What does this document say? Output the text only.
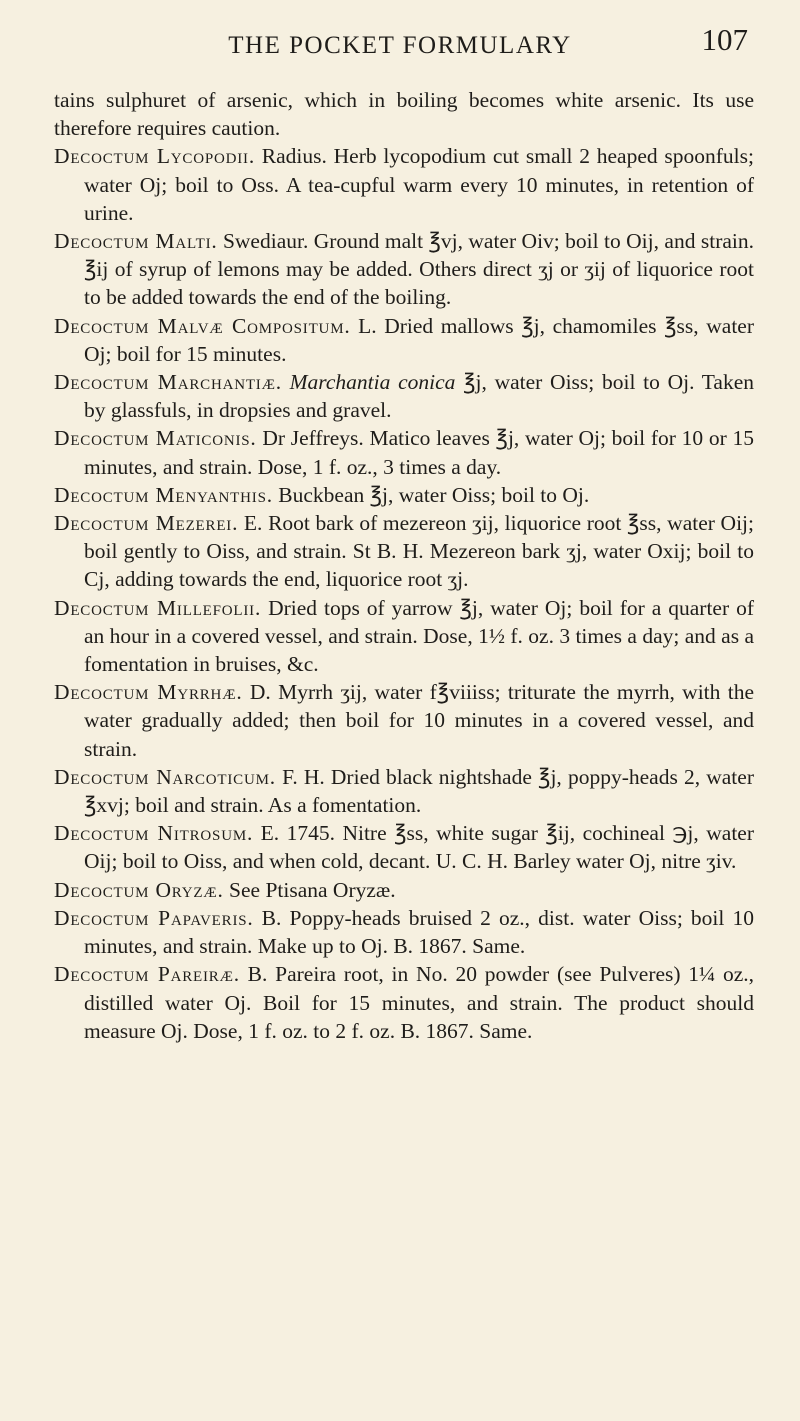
THE POCKET FORMULARY	107

tains sulphuret of arsenic, which in boiling becomes white arsenic. Its use therefore requires caution.

Decoctum Lycopodii. Radius. Herb lycopodium cut small 2 heaped spoonfuls; water Oj; boil to Oss. A tea-cupful warm every 10 minutes, in retention of urine.

Decoctum Malti. Swediaur. Ground malt ℥vj, water Oiv; boil to Oij, and strain. ℥ij of syrup of lemons may be added. Others direct ʒj or ʒij of liquorice root to be added towards the end of the boiling.

Decoctum Malvæ Compositum. L. Dried mallows ℥j, chamomiles ℥ss, water Oj; boil for 15 minutes.

Decoctum Marchantiæ. Marchantia conica ℥j, water Oiss; boil to Oj. Taken by glassfuls, in dropsies and gravel.

Decoctum Maticonis. Dr Jeffreys. Matico leaves ℥j, water Oj; boil for 10 or 15 minutes, and strain. Dose, 1 f. oz., 3 times a day.

Decoctum Menyanthis. Buckbean ℥j, water Oiss; boil to Oj.

Decoctum Mezerei. E. Root bark of mezereon ʒij, liquorice root ℥ss, water Oij; boil gently to Oiss, and strain. St B. H. Mezereon bark ʒj, water Oxij; boil to Cj, adding towards the end, liquorice root ʒj.

Decoctum Millefolii. Dried tops of yarrow ℥j, water Oj; boil for a quarter of an hour in a covered vessel, and strain. Dose, 1½ f. oz. 3 times a day; and as a fomentation in bruises, &c.

Decoctum Myrrhæ. D. Myrrh ʒij, water f℥viiiss; triturate the myrrh, with the water gradually added; then boil for 10 minutes in a covered vessel, and strain.

Decoctum Narcoticum. F. H. Dried black nightshade ℥j, poppy-heads 2, water ℥xvj; boil and strain. As a fomentation.

Decoctum Nitrosum. E. 1745. Nitre ℥ss, white sugar ℥ij, cochineal ℈j, water Oij; boil to Oiss, and when cold, decant. U. C. H. Barley water Oj, nitre ʒiv.

Decoctum Oryzæ. See Ptisana Oryzæ.

Decoctum Papaveris. B. Poppy-heads bruised 2 oz., dist. water Oiss; boil 10 minutes, and strain. Make up to Oj. B. 1867. Same.

Decoctum Pareiræ. B. Pareira root, in No. 20 powder (see Pulveres) 1¼ oz., distilled water Oj. Boil for 15 minutes, and strain. The product should measure Oj. Dose, 1 f. oz. to 2 f. oz. B. 1867. Same.
